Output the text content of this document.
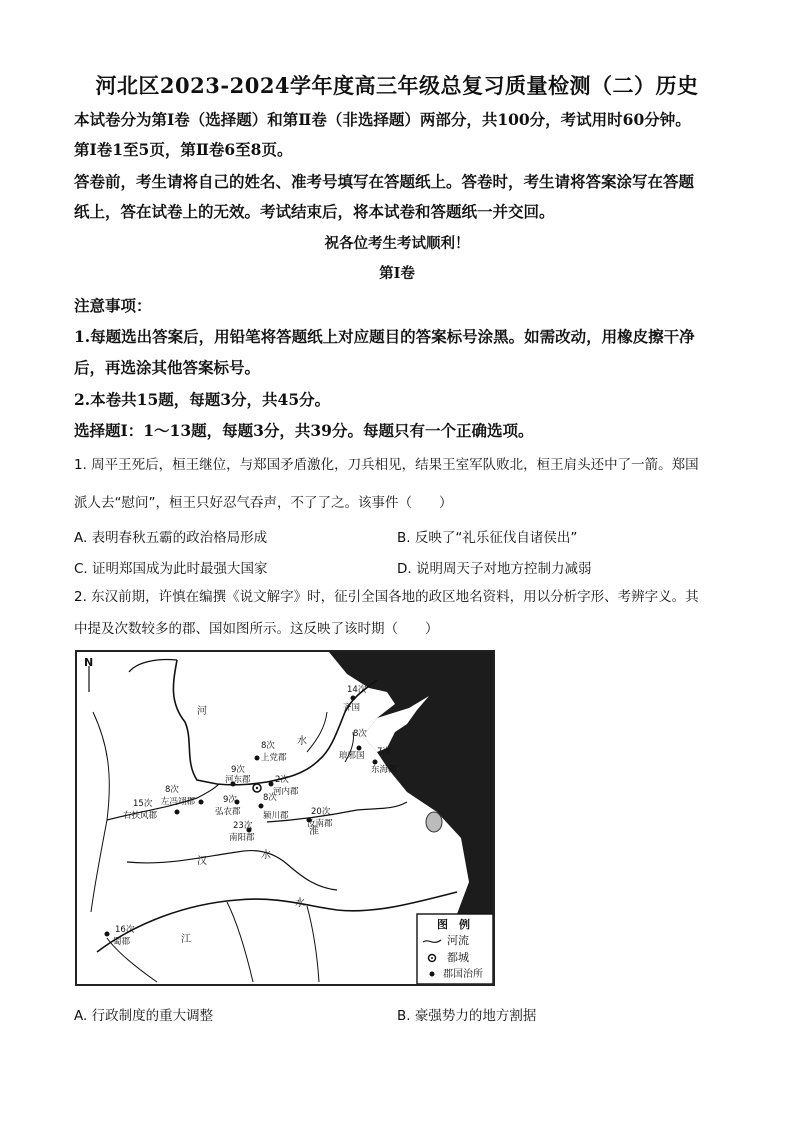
河北区2023-2024学年度高三年级总复习质量检测（二）历史
本试卷分为第Ⅰ卷（选择题）和第Ⅱ卷（非选择题）两部分，共100分，考试用时60分钟。
第Ⅰ卷1至5页，第Ⅱ卷6至8页。
答卷前，考生请将自己的姓名、准考号填写在答题纸上。答卷时，考生请将答案涂写在答题
纸上，答在试卷上的无效。考试结束后，将本试卷和答题纸一并交回。
祝各位考生考试顺利！
第Ⅰ卷
注意事项：
1.每题选出答案后，用铅笔将答题纸上对应题目的答案标号涂黑。如需改动，用橡皮擦干净
后，再选涂其他答案标号。
2.本卷共15题，每题3分，共45分。
选择题Ⅰ：1～13题，每题3分，共39分。每题只有一个正确选项。
1. 周平王死后，桓王继位，与郑国矛盾激化，刀兵相见，结果王室军队败北，桓王肩头还中了一箭。郑国
派人去“慰问”，桓王只好忍气吞声，不了了之。该事件（　　）
A. 表明春秋五霸的政治格局形成	B. 反映了“礼乐征伐自诸侯出”
C. 证明郑国成为此时最强大国家	D. 说明周天子对地方控制力减弱
2. 东汉前期，许慎在编撰《说文解字》时，征引全国各地的政区地名资料，用以分析字形、考辨字义。其
中提及次数较多的郡、国如图所示。这反映了该时期（　　）
N
河
水
汉
水
淮
水
江
14次
齐国
8次
琅邪国 7次
东海郡
8次
上党郡
9次
河东郡	2次
河内郡
8次
左冯翊郡
15次
右扶风郡
9次
弘农郡
8次
颍川郡	20次
汝南郡
23次
南阳郡
16次
蜀郡
图　例
河流
都城
郡国治所
A. 行政制度的重大调整	B. 豪强势力的地方割据
